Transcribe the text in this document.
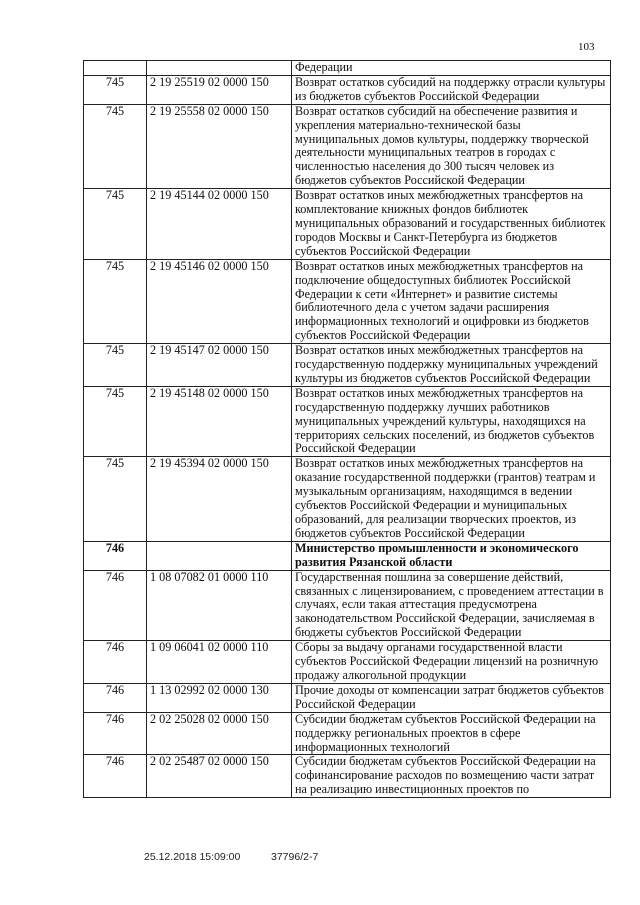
103
		Федерации
745	2 19 25519 02 0000 150	Возврат остатков субсидий на поддержку отрасли культуры из бюджетов субъектов Российской Федерации
745	2 19 25558 02 0000 150	Возврат остатков субсидий на обеспечение развития и укрепления материально-технической базы муниципальных домов культуры, поддержку творческой деятельности муниципальных театров в городах с численностью населения до 300 тысяч человек из бюджетов субъектов Российской Федерации
745	2 19 45144 02 0000 150	Возврат остатков иных межбюджетных трансфертов на комплектование книжных фондов библиотек муниципальных образований и государственных библиотек городов Москвы и Санкт-Петербурга из бюджетов субъектов Российской Федерации
745	2 19 45146 02 0000 150	Возврат остатков иных межбюджетных трансфертов на подключение общедоступных библиотек Российской Федерации к сети «Интернет» и развитие системы библиотечного дела с учетом задачи расширения информационных технологий и оцифровки из бюджетов субъектов Российской Федерации
745	2 19 45147 02 0000 150	Возврат остатков иных межбюджетных трансфертов на государственную поддержку муниципальных учреждений культуры из бюджетов субъектов Российской Федерации
745	2 19 45148 02 0000 150	Возврат остатков иных межбюджетных трансфертов на государственную поддержку лучших работников муниципальных учреждений культуры, находящихся на территориях сельских поселений, из бюджетов субъектов Российской Федерации
745	2 19 45394 02 0000 150	Возврат остатков иных межбюджетных трансфертов на оказание государственной поддержки (грантов) театрам и музыкальным организациям, находящимся в ведении субъектов Российской Федерации и муниципальных образований, для реализации творческих проектов, из бюджетов субъектов Российской Федерации
746		Министерство промышленности и экономического развития Рязанской области
746	1 08 07082 01 0000 110	Государственная пошлина за совершение действий, связанных с лицензированием, с проведением аттестации в случаях, если такая аттестация предусмотрена законодательством Российской Федерации, зачисляемая в бюджеты субъектов Российской Федерации
746	1 09 06041 02 0000 110	Сборы за выдачу органами государственной власти субъектов Российской Федерации лицензий на розничную продажу алкогольной продукции
746	1 13 02992 02 0000 130	Прочие доходы от компенсации затрат бюджетов субъектов Российской Федерации
746	2 02 25028 02 0000 150	Субсидии бюджетам субъектов Российской Федерации на поддержку региональных проектов в сфере информационных технологий
746	2 02 25487 02 0000 150	Субсидии бюджетам субъектов Российской Федерации на софинансирование расходов по возмещению части затрат на реализацию инвестиционных проектов по
25.12.2018 15:09:00	37796/2-7
